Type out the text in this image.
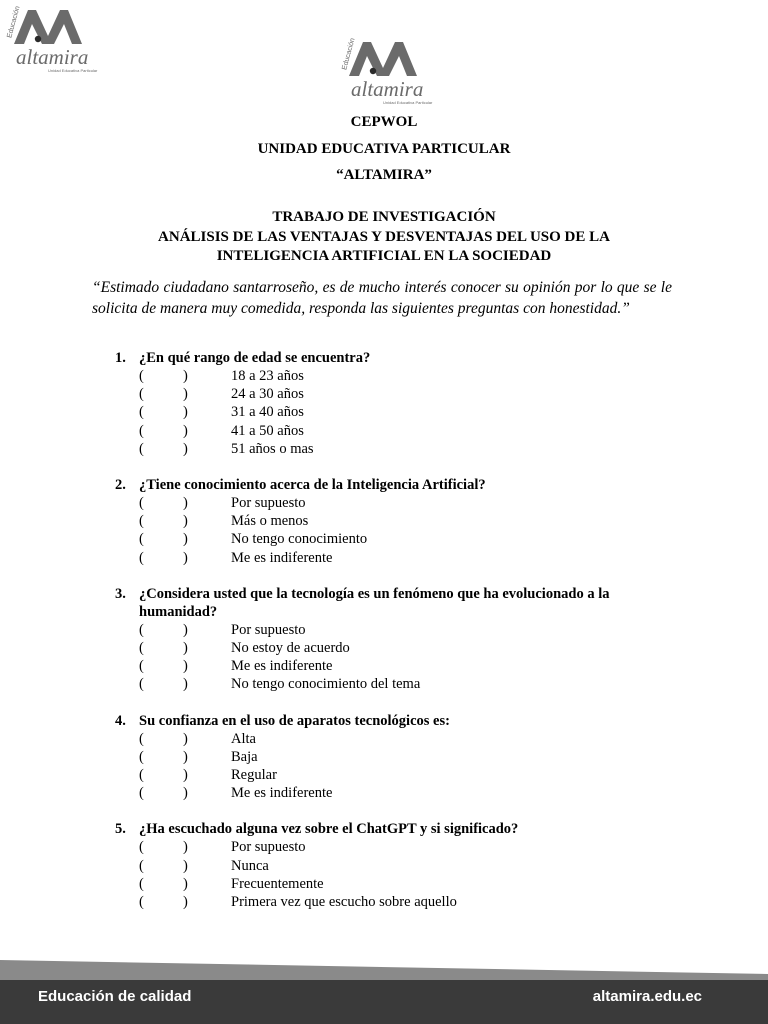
Educación
altamira
Unidad Educativa Particular	Educación
altamira
Unidad Educativa Particular
CEPWOL
UNIDAD EDUCATIVA PARTICULAR
“ALTAMIRA”
TRABAJO DE INVESTIGACIÓN
ANÁLISIS DE LAS VENTAJAS Y DESVENTAJAS DEL USO DE LA
INTELIGENCIA ARTIFICIAL EN LA SOCIEDAD
“Estimado ciudadano santarroseño, es de mucho interés conocer su opinión por lo que se le solicita de manera muy comedida, responda las siguientes preguntas con honestidad.”
1. ¿En qué rango de edad se encuentra?
(	)	18 a 23 años
(	)	24 a 30 años
(	)	31 a 40 años
(	)	41 a 50 años
(	)	51 años o mas
2. ¿Tiene conocimiento acerca de la Inteligencia Artificial?
(	)	Por supuesto
(	)	Más o menos
(	)	No tengo conocimiento
(	)	Me es indiferente
3. ¿Considera usted que la tecnología es un fenómeno que ha evolucionado a la humanidad?
(	)	Por supuesto
(	)	No estoy de acuerdo
(	)	Me es indiferente
(	)	No tengo conocimiento del tema
4. Su confianza en el uso de aparatos tecnológicos es:
(	)	Alta
(	)	Baja
(	)	Regular
(	)	Me es indiferente
5. ¿Ha escuchado alguna vez sobre el ChatGPT y si significado?
(	)	Por supuesto
(	)	Nunca
(	)	Frecuentemente
(	)	Primera vez que escucho sobre aquello
Educación de calidad	altamira.edu.ec
